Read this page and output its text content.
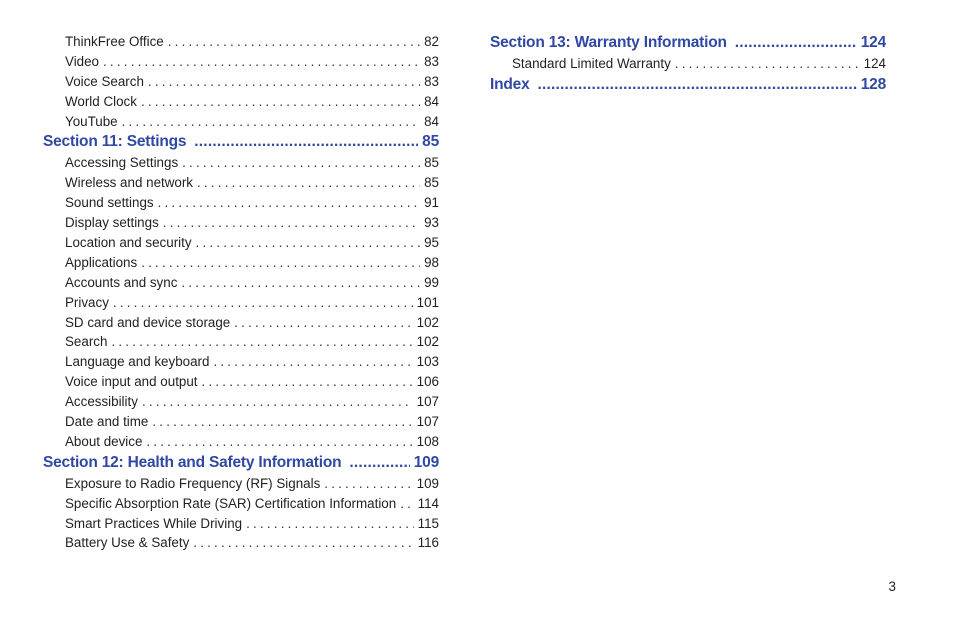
ThinkFree Office .....	82
Video .....	83
Voice Search .....	83
World Clock .....	84
YouTube .....	84
Section 11: Settings .....	85
Accessing Settings .....	85
Wireless and network .....	85
Sound settings .....	91
Display settings .....	93
Location and security .....	95
Applications .....	98
Accounts and sync .....	99
Privacy .....	101
SD card and device storage .....	102
Search .....	102
Language and keyboard .....	103
Voice input and output .....	106
Accessibility .....	107
Date and time .....	107
About device .....	108
Section 12: Health and Safety Information .....	109
Exposure to Radio Frequency (RF) Signals .....	109
Specific Absorption Rate (SAR) Certification Information ..... 114
Smart Practices While Driving .....	115
Battery Use & Safety .....	116
Section 13: Warranty Information .....	124
Standard Limited Warranty .....	124
Index .....	128
3
